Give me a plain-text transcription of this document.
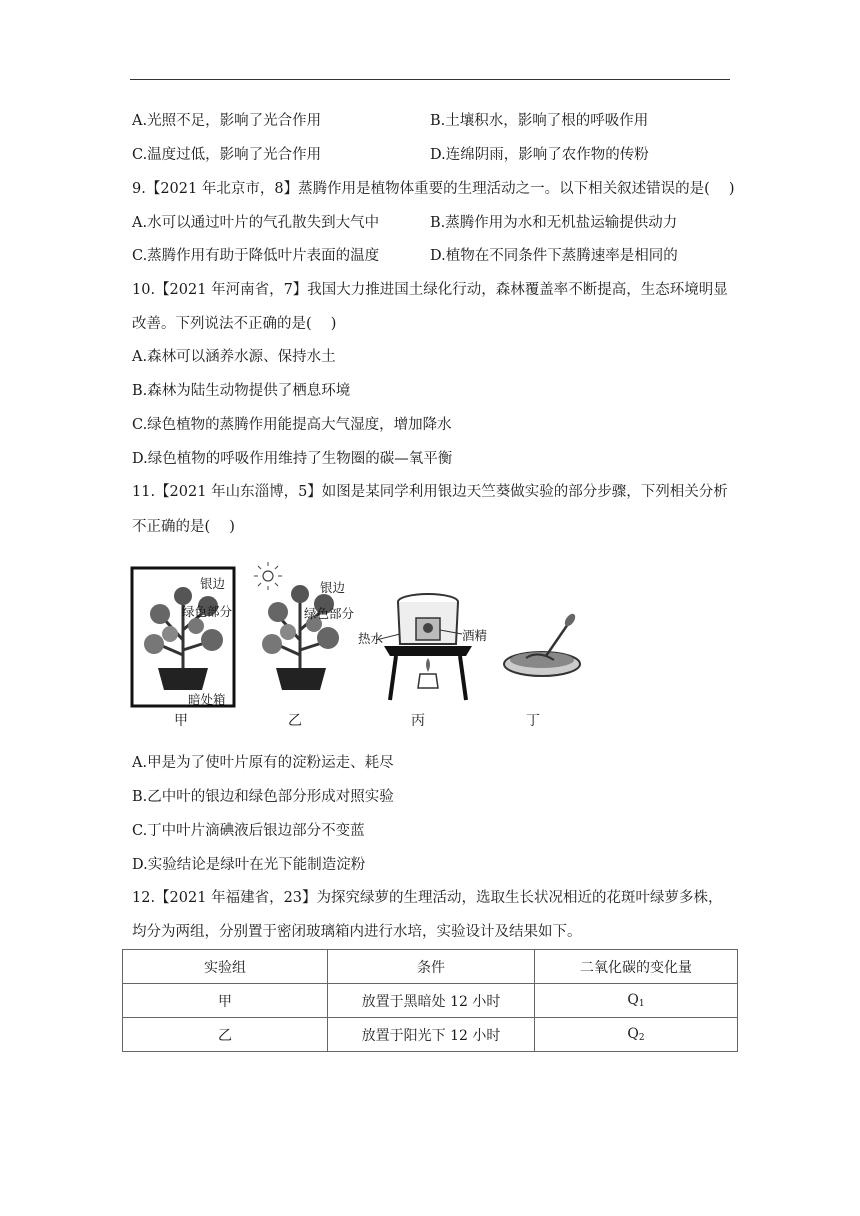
A.光照不足，影响了光合作用	B.土壤积水，影响了根的呼吸作用
C.温度过低，影响了光合作用	D.连绵阴雨，影响了农作物的传粉
9.【2021 年北京市，8】蒸腾作用是植物体重要的生理活动之一。以下相关叙述错误的是(　 )
A.水可以通过叶片的气孔散失到大气中	B.蒸腾作用为水和无机盐运输提供动力
C.蒸腾作用有助于降低叶片表面的温度	D.植物在不同条件下蒸腾速率是相同的
10.【2021 年河南省，7】我国大力推进国土绿化行动，森林覆盖率不断提高，生态环境明显
改善。下列说法不正确的是(　 )
A.森林可以涵养水源、保持水土
B.森林为陆生动物提供了栖息环境
C.绿色植物的蒸腾作用能提高大气湿度，增加降水
D.绿色植物的呼吸作用维持了生物圈的碳—氧平衡
11.【2021 年山东淄博，5】如图是某同学利用银边天竺葵做实验的部分步骤，下列相关分析
不正确的是(　 )
银边
绿色部分
暗处箱
银边
绿色部分
热水	酒精
甲	乙	丙	丁
A.甲是为了使叶片原有的淀粉运走、耗尽
B.乙中叶的银边和绿色部分形成对照实验
C.丁中叶片滴碘液后银边部分不变蓝
D.实验结论是绿叶在光下能制造淀粉
12.【2021 年福建省，23】为探究绿萝的生理活动，选取生长状况相近的花斑叶绿萝多株，
均分为两组，分别置于密闭玻璃箱内进行水培，实验设计及结果如下。
实验组	条件	二氧化碳的变化量
甲	放置于黑暗处 12 小时	$Q_1$
乙	放置于阳光下 12 小时	$Q_2$
